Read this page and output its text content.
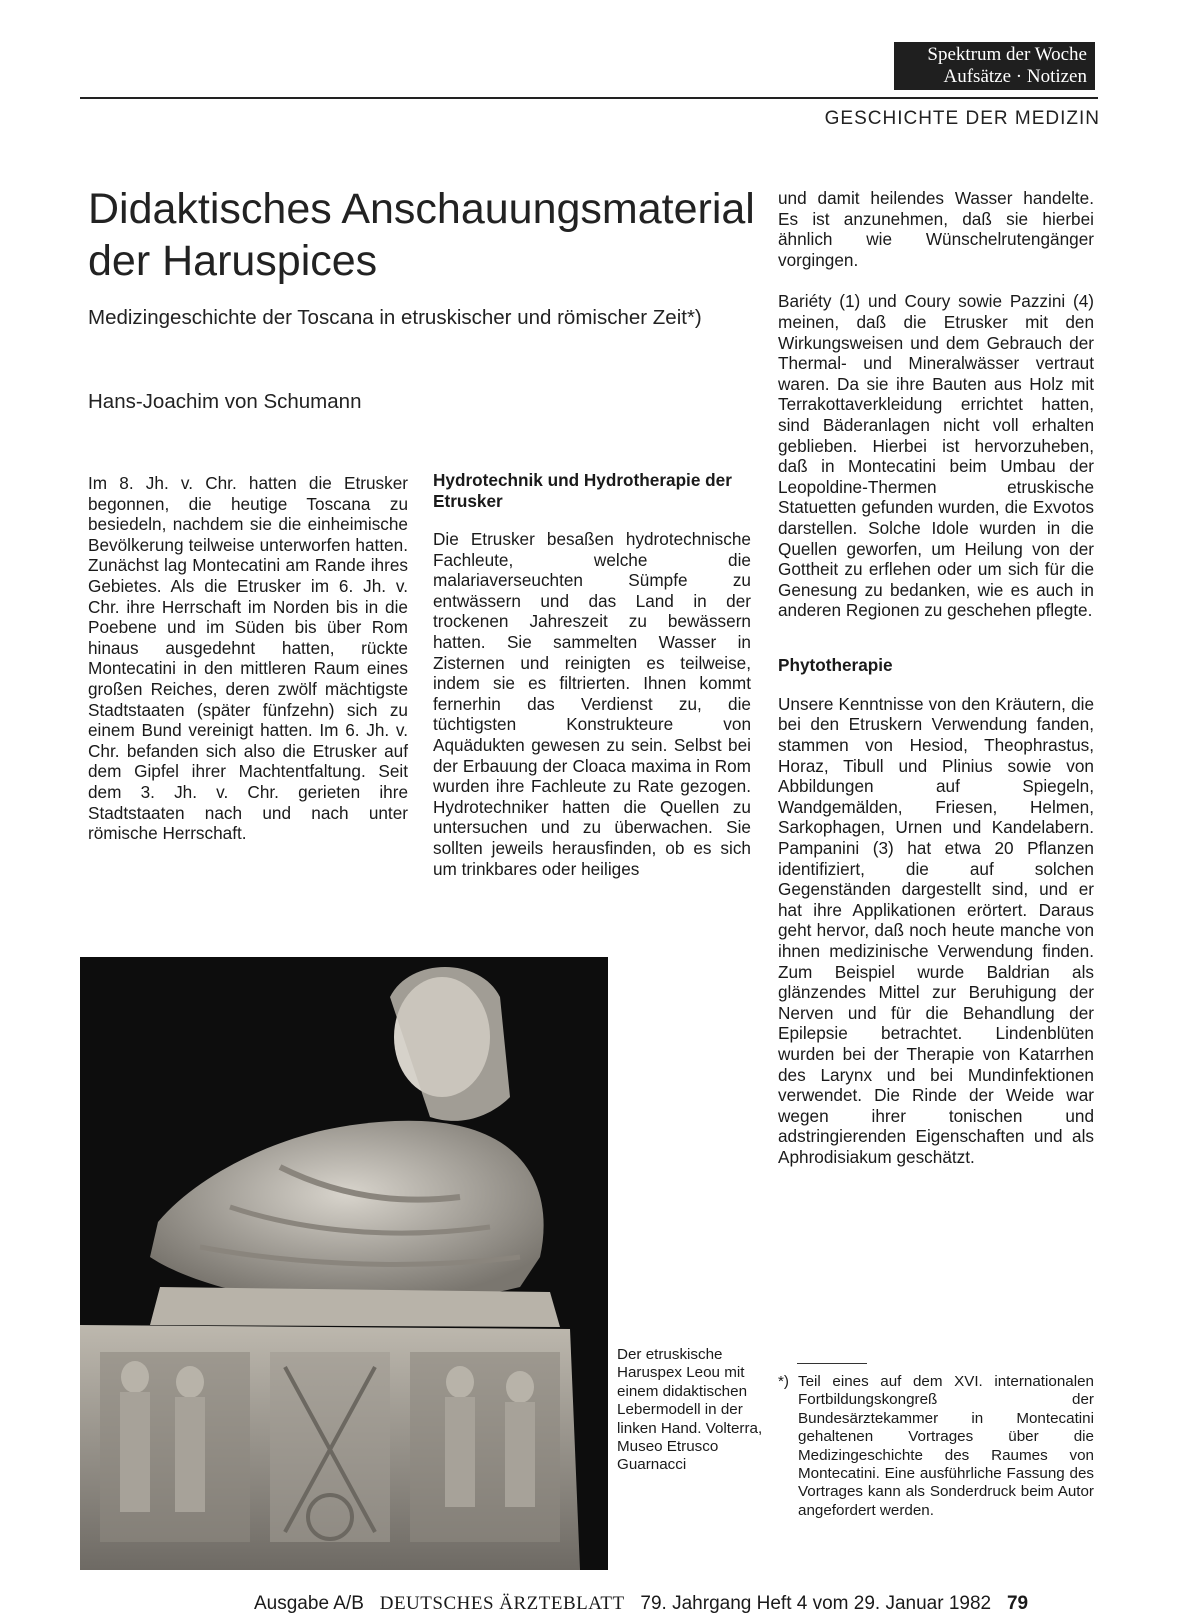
Spektrum der Woche
Aufsätze · Notizen
GESCHICHTE DER MEDIZIN
Didaktisches Anschauungsmaterial
der Haruspices
Medizingeschichte der Toscana in etruskischer und römischer Zeit*)
Hans-Joachim von Schumann

Im 8. Jh. v. Chr. hatten die Etrusker begonnen, die heutige Toscana zu besiedeln, nachdem sie die einheimische Bevölkerung teilweise unterworfen hatten. Zunächst lag Montecatini am Rande ihres Gebietes. Als die Etrusker im 6. Jh. v. Chr. ihre Herrschaft im Norden bis in die Poebene und im Süden bis über Rom hinaus ausgedehnt hatten, rückte Montecatini in den mittleren Raum eines großen Reiches, deren zwölf mächtigste Stadtstaaten (später fünfzehn) sich zu einem Bund vereinigt hatten. Im 6. Jh. v. Chr. befanden sich also die Etrusker auf dem Gipfel ihrer Machtentfaltung. Seit dem 3. Jh. v. Chr. gerieten ihre Stadtstaaten nach und nach unter römische Herrschaft.

Hydrotechnik und Hydrotherapie der Etrusker

Die Etrusker besaßen hydrotechnische Fachleute, welche die malariaverseuchten Sümpfe zu entwässern und das Land in der trockenen Jahreszeit zu bewässern hatten. Sie sammelten Wasser in Zisternen und reinigten es teilweise, indem sie es filtrierten. Ihnen kommt fernerhin das Verdienst zu, die tüchtigsten Konstrukteure von Aquädukten gewesen zu sein. Selbst bei der Erbauung der Cloaca maxima in Rom wurden ihre Fachleute zu Rate gezogen. Hydrotechniker hatten die Quellen zu untersuchen und zu überwachen. Sie sollten jeweils herausfinden, ob es sich um trinkbares oder heiliges

und damit heilendes Wasser handelte. Es ist anzunehmen, daß sie hierbei ähnlich wie Wünschelrutengänger vorgingen.

Bariéty (1) und Coury sowie Pazzini (4) meinen, daß die Etrusker mit den Wirkungsweisen und dem Gebrauch der Thermal- und Mineralwässer vertraut waren. Da sie ihre Bauten aus Holz mit Terrakottaverkleidung errichtet hatten, sind Bäderanlagen nicht voll erhalten geblieben. Hierbei ist hervorzuheben, daß in Montecatini beim Umbau der Leopoldine-Thermen etruskische Statuetten gefunden wurden, die Exvotos darstellen. Solche Idole wurden in die Quellen geworfen, um Heilung von der Gottheit zu erflehen oder um sich für die Genesung zu bedanken, wie es auch in anderen Regionen zu geschehen pflegte.

Phytotherapie

Unsere Kenntnisse von den Kräutern, die bei den Etruskern Verwendung fanden, stammen von Hesiod, Theophrastus, Horaz, Tibull und Plinius sowie von Abbildungen auf Spiegeln, Wandgemälden, Friesen, Helmen, Sarkophagen, Urnen und Kandelabern. Pampanini (3) hat etwa 20 Pflanzen identifiziert, die auf solchen Gegenständen dargestellt sind, und er hat ihre Applikationen erörtert. Daraus geht hervor, daß noch heute manche von ihnen medizinische Verwendung finden. Zum Beispiel wurde Baldrian als glänzendes Mittel zur Beruhigung der Nerven und für die Behandlung der Epilepsie betrachtet. Lindenblüten wurden bei der Therapie von Katarrhen des Larynx und bei Mundinfektionen verwendet. Die Rinde der Weide war wegen ihrer tonischen und adstringierenden Eigenschaften und als Aphrodisiakum geschätzt.

Der etruskische Haruspex Leou mit einem didaktischen Lebermodell in der linken Hand. Volterra, Museo Etrusco Guarnacci
*) Teil eines auf dem XVI. internationalen Fortbildungskongreß der Bundesärztekammer in Montecatini gehaltenen Vortrages über die Medizingeschichte des Raumes von Montecatini. Eine ausführliche Fassung des Vortrages kann als Sonderdruck beim Autor angefordert werden.
Ausgabe A/B DEUTSCHES ÄRZTEBLATT 79. Jahrgang Heft 4 vom 29. Januar 1982 79
